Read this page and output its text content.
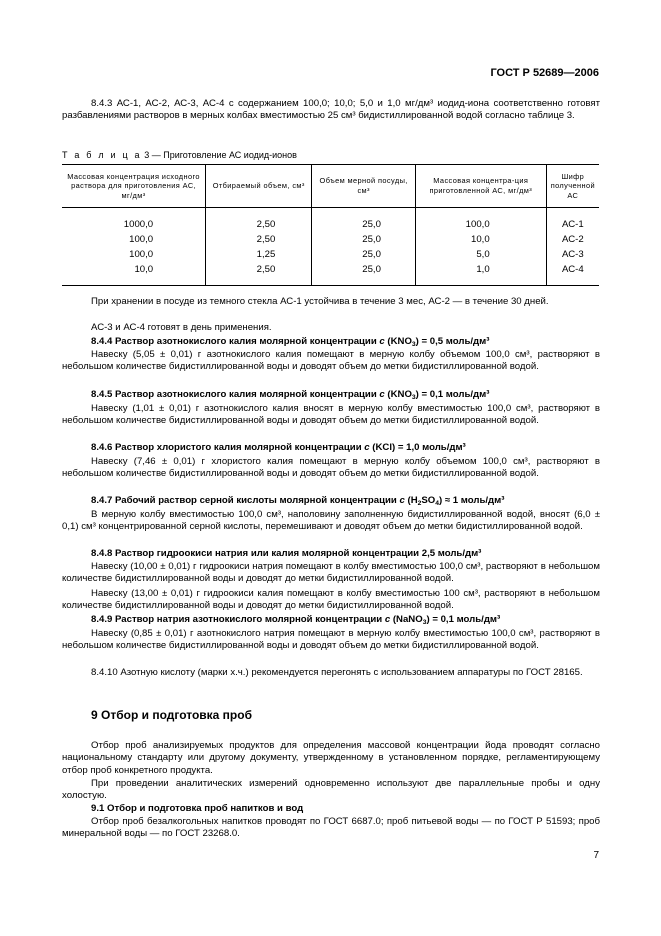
ГОСТ Р 52689—2006
8.4.3 АС-1, АС-2, АС-3, АС-4 с содержанием 100,0; 10,0; 5,0 и 1,0 мг/дм³ иодид-иона соответственно готовят разбавлениями растворов в мерных колбах вместимостью 25 см³ бидистиллированной водой согласно таблице 3.
Т а б л и ц а 3 — Приготовление АС иодид-ионов
Массовая концентрация исходного раствора для приготовления АС, мг/дм³	Отбираемый объем, см³	Объем мерной посуды, см³	Массовая концентра-ция приготовленной АС, мг/дм³	Шифр полученной АС
1000,0	2,50	25,0	100,0	АС-1
100,0	2,50	25,0	10,0	АС-2
100,0	1,25	25,0	5,0	АС-3
10,0	2,50	25,0	1,0	АС-4
При хранении в посуде из темного стекла АС-1 устойчива в течение 3 мес, АС-2 — в течение 30 дней.
АС-3 и АС-4 готовят в день применения.
8.4.4 Раствор азотнокислого калия молярной концентрации c $(KNO_3) = 0,5$ моль/дм³
Навеску (5,05 ± 0,01) г азотнокислого калия помещают в мерную колбу объемом 100,0 см³, растворяют в небольшом количестве бидистиллированной воды и доводят объем до метки бидистиллированной водой.
8.4.5 Раствор азотнокислого калия молярной концентрации c $(KNO_3) = 0,1$ моль/дм³
Навеску (1,01 ± 0,01) г азотнокислого калия вносят в мерную колбу вместимостью 100,0 см³, растворяют в небольшом количестве бидистиллированной воды и доводят объем до метки бидистиллированной водой.
8.4.6 Раствор хлористого калия молярной концентрации c (KCl) = 1,0 моль/дм³
Навеску (7,46 ± 0,01) г хлористого калия помещают в мерную колбу объемом 100,0 см³, растворяют в небольшом количестве бидистиллированной воды и доводят объем до метки бидистиллированной водой.
8.4.7 Рабочий раствор серной кислоты молярной концентрации c $(H_2SO_4) \approx 1$ моль/дм³
В мерную колбу вместимостью 100,0 см³, наполовину заполненную бидистиллированной водой, вносят (6,0 ± 0,1) см³ концентрированной серной кислоты, перемешивают и доводят объем до метки бидистиллированной водой.
8.4.8 Раствор гидроокиси натрия или калия молярной концентрации 2,5 моль/дм³
Навеску (10,00 ± 0,01) г гидроокиси натрия помещают в колбу вместимостью 100,0 см³, растворяют в небольшом количестве бидистиллированной воды и доводят до метки бидистиллированной водой.
Навеску (13,00 ± 0,01) г гидроокиси калия помещают в колбу вместимостью 100 см³, растворяют в небольшом количестве бидистиллированной воды и доводят до метки бидистиллированной водой.
8.4.9 Раствор натрия азотнокислого молярной концентрации c (NaNO$_3$) = 0,1 моль/дм³
Навеску (0,85 ± 0,01) г азотнокислого натрия помещают в мерную колбу вместимостью 100,0 см³, растворяют в небольшом количестве бидистиллированной воды и доводят объем до метки бидистиллированной водой.
8.4.10 Азотную кислоту (марки х.ч.) рекомендуется перегонять с использованием аппаратуры по ГОСТ 28165.
9 Отбор и подготовка проб
Отбор проб анализируемых продуктов для определения массовой концентрации йода проводят согласно национальному стандарту или другому документу, утвержденному в установленном порядке, регламентирующему отбор проб конкретного продукта.
При проведении аналитических измерений одновременно используют две параллельные пробы и одну холостую.
9.1 Отбор и подготовка проб напитков и вод
Отбор проб безалкогольных напитков проводят по ГОСТ 6687.0; проб питьевой воды — по ГОСТ Р 51593; проб минеральной воды — по ГОСТ 23268.0.
7
